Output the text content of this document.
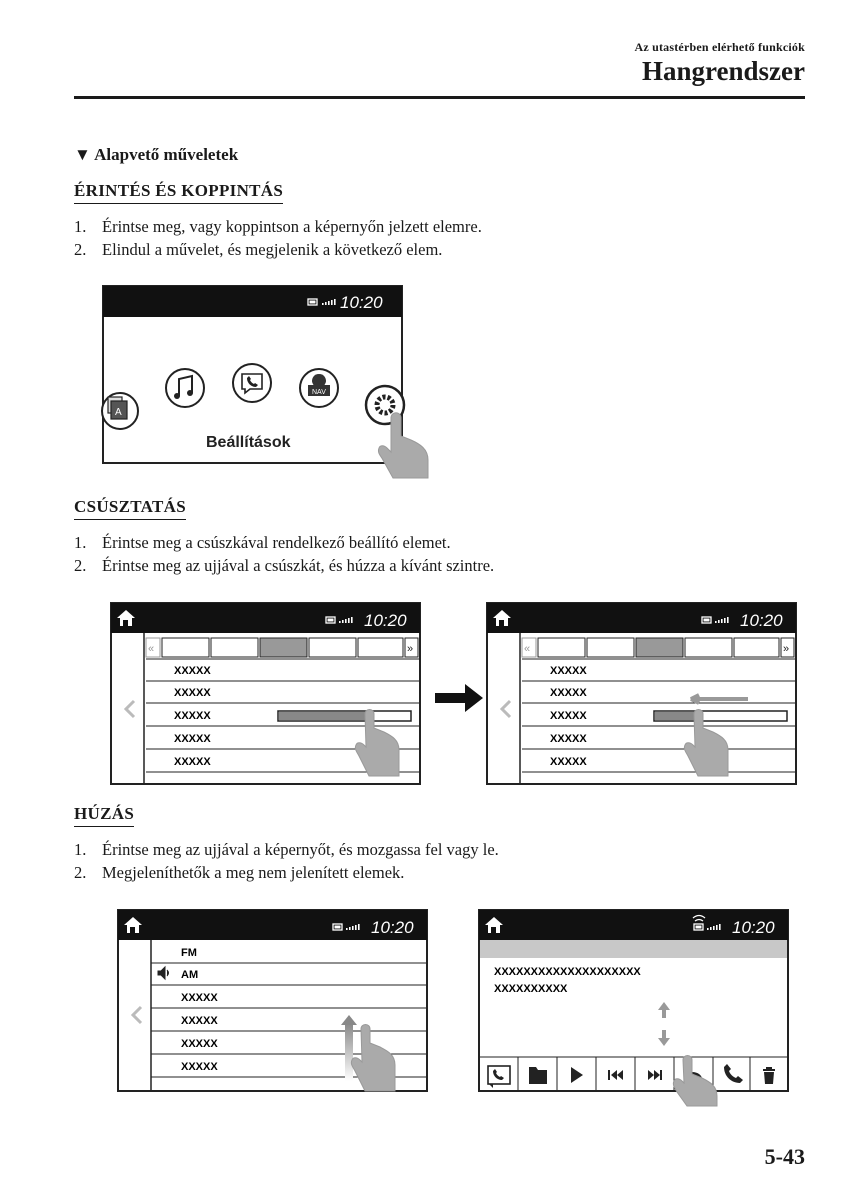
Az utastérben elérhető funkciók
Hangrendszer
▼ Alapvető műveletek
ÉRINTÉS ÉS KOPPINTÁS
1. Érintse meg, vagy koppintson a képernyőn jelzett elemre.
2. Elindul a művelet, és megjelenik a következő elem.
10:20
A
NAV
Beállítások
CSÚSZTATÁS
1. Érintse meg a csúszkával rendelkező beállító elemet.
2. Érintse meg az ujjával a csúszkát, és húzza a kívánt szintre.
10:20
«	»
XXXXX
XXXXX
XXXXX
XXXXX
XXXXX
10:20
«	»
XXXXX
XXXXX
XXXXX
XXXXX
XXXXX
HÚZÁS
1. Érintse meg az ujjával a képernyőt, és mozgassa fel vagy le.
2. Megjeleníthetők a meg nem jelenített elemek.
10:20
FM
AM
XXXXX
XXXXX
XXXXX
XXXXX
10:20
XXXXXXXXXXXXXXXXXXXX
XXXXXXXXXX
5-43
